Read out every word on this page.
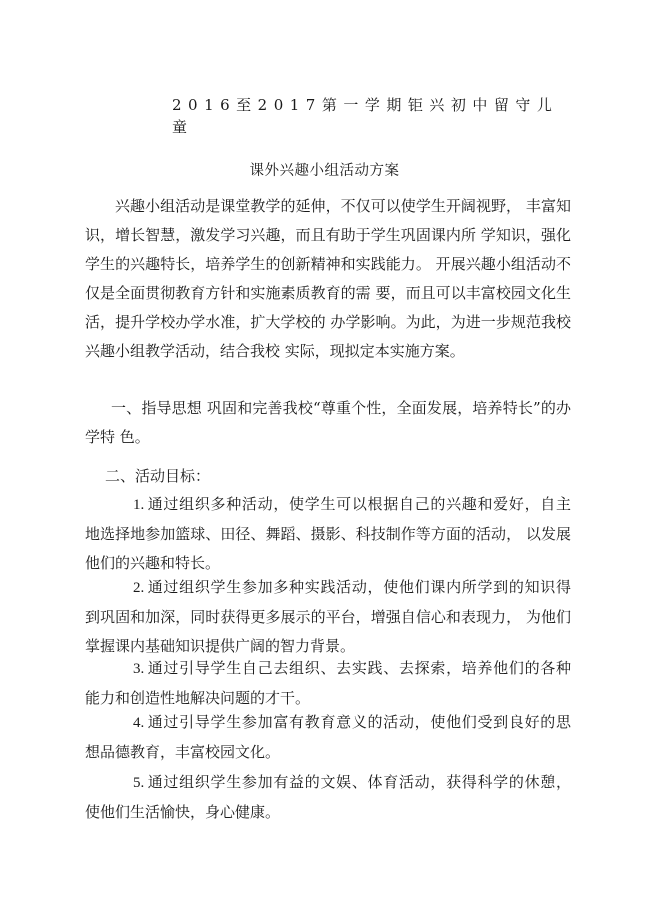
2016至2017第一学期钜兴初中留守儿童
课外兴趣小组活动方案
兴趣小组活动是课堂教学的延伸，不仅可以使学生开阔视野， 丰富知识，增长智慧，激发学习兴趣，而且有助于学生巩固课内所 学知识，强化学生的兴趣特长，培养学生的创新精神和实践能力。 开展兴趣小组活动不仅是全面贯彻教育方针和实施素质教育的需 要，而且可以丰富校园文化生活，提升学校办学水准，扩大学校的 办学影响。为此，为进一步规范我校兴趣小组教学活动，结合我校 实际，现拟定本实施方案。
一、指导思想 巩固和完善我校“尊重个性，全面发展，培养特长”的办学特 色。
二、活动目标：
1. 通过组织多种活动，使学生可以根据自己的兴趣和爱好，自主 地选择地参加篮球、田径、舞蹈、摄影、科技制作等方面的活动， 以发展他们的兴趣和特长。
2. 通过组织学生参加多种实践活动，使他们课内所学到的知识得 到巩固和加深，同时获得更多展示的平台，增强自信心和表现力， 为他们掌握课内基础知识提供广阔的智力背景。
3. 通过引导学生自己去组织、去实践、去探索，培养他们的各种 能力和创造性地解决问题的才干。
4. 通过引导学生参加富有教育意义的活动，使他们受到良好的思 想品德教育，丰富校园文化。
5. 通过组织学生参加有益的文娱、体育活动，获得科学的休憩， 使他们生活愉快，身心健康。
